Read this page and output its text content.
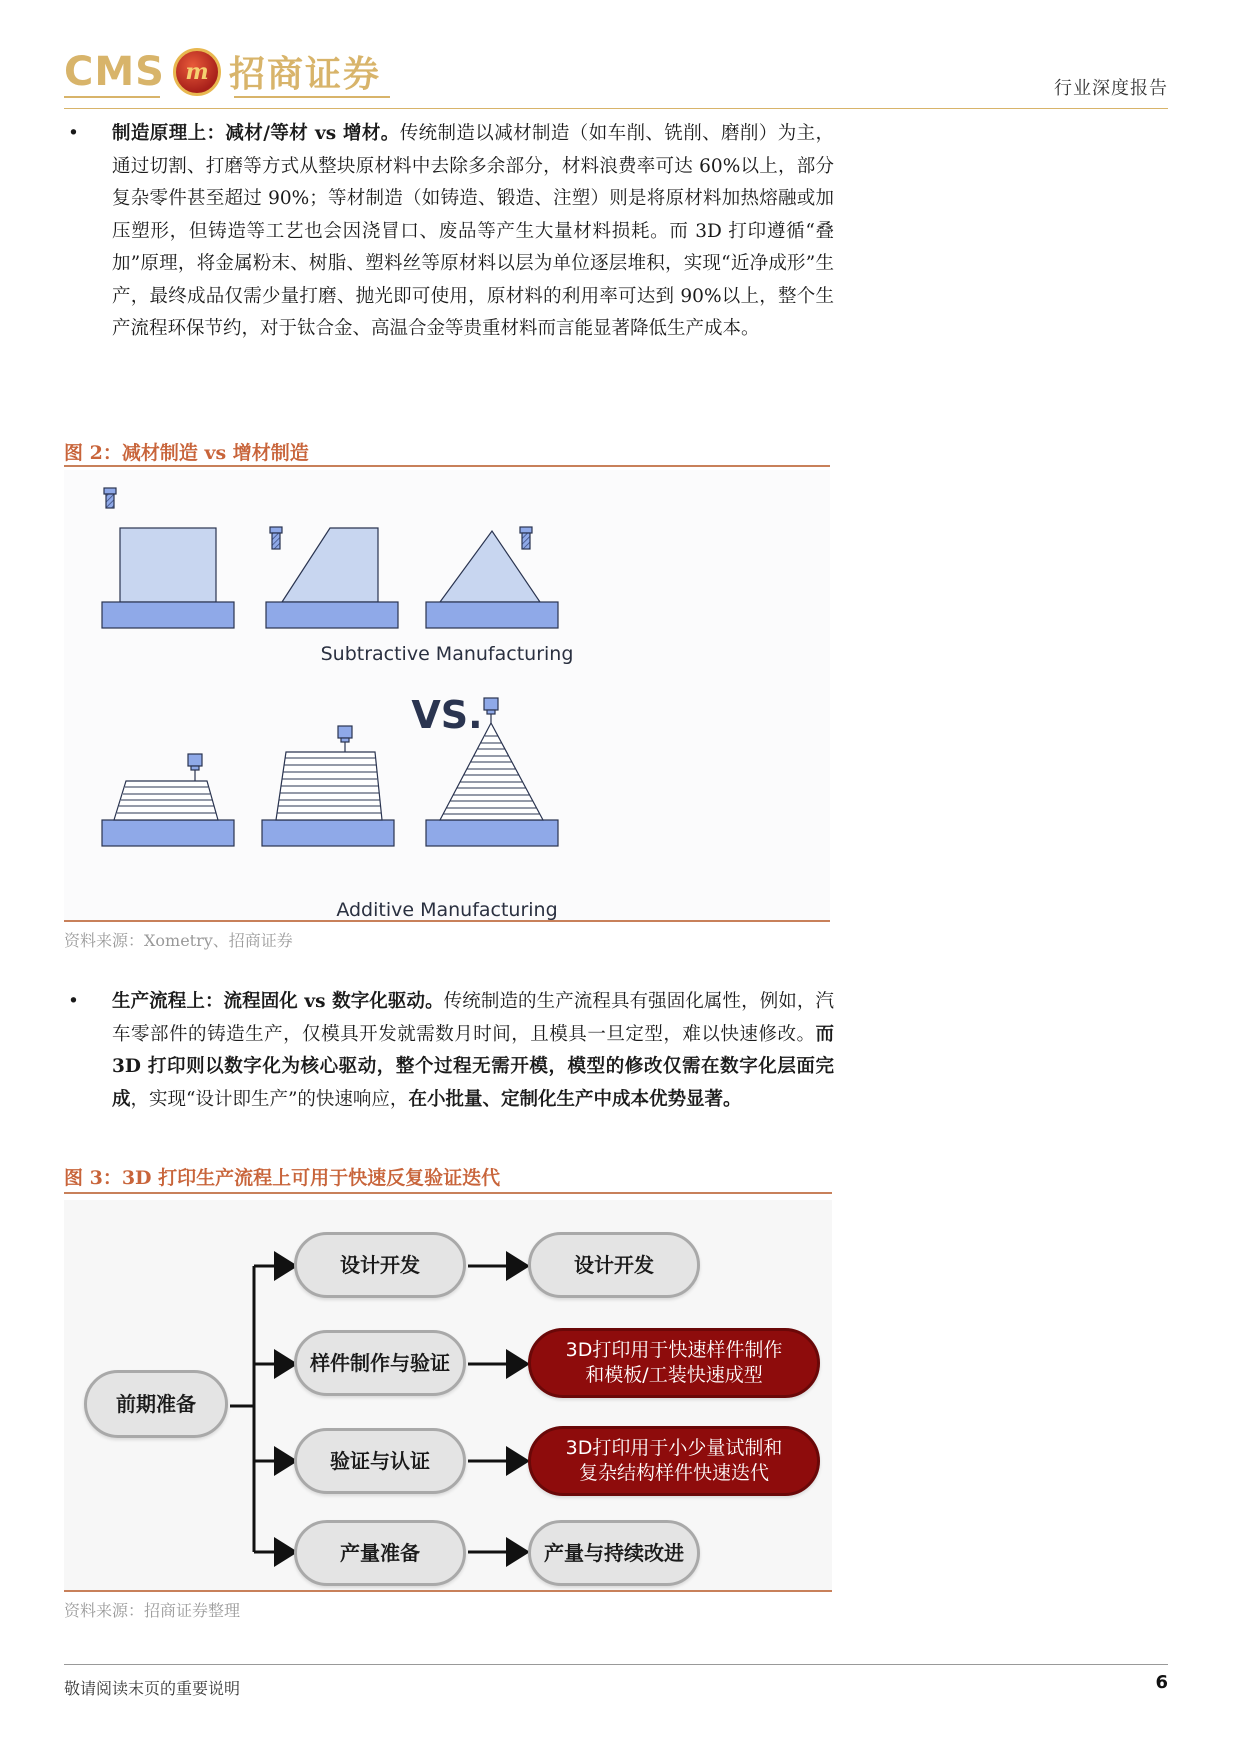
CMS m 招商证券	行业深度报告
• 制造原理上：减材/等材 vs 增材。传统制造以减材制造（如车削、铣削、磨削）为主，通过切割、打磨等方式从整块原材料中去除多余部分，材料浪费率可达 60%以上，部分复杂零件甚至超过 90%；等材制造（如铸造、锻造、注塑）则是将原材料加热熔融或加压塑形，但铸造等工艺也会因浇冒口、废品等产生大量材料损耗。而 3D 打印遵循“叠加”原理，将金属粉末、树脂、塑料丝等原材料以层为单位逐层堆积，实现“近净成形”生产，最终成品仅需少量打磨、抛光即可使用，原材料的利用率可达到 90%以上，整个生产流程环保节约，对于钛合金、高温合金等贵重材料而言能显著降低生产成本。
图 2：减材制造 vs 增材制造
Subtractive Manufacturing
VS.
Additive Manufacturing
资料来源：Xometry、招商证券
• 生产流程上：流程固化 vs 数字化驱动。传统制造的生产流程具有强固化属性，例如，汽车零部件的铸造生产，仅模具开发就需数月时间，且模具一旦定型，难以快速修改。而 3D 打印则以数字化为核心驱动，整个过程无需开模，模型的修改仅需在数字化层面完成，实现“设计即生产”的快速响应，在小批量、定制化生产中成本优势显著。
图 3：3D 打印生产流程上可用于快速反复验证迭代
前期准备
设计开发
样件制作与验证
验证与认证
产量准备
设计开发
3D打印用于快速样件制作
和模板/工装快速成型
3D打印用于小少量试制和
复杂结构样件快速迭代
产量与持续改进
资料来源：招商证券整理
敬请阅读末页的重要说明	6
